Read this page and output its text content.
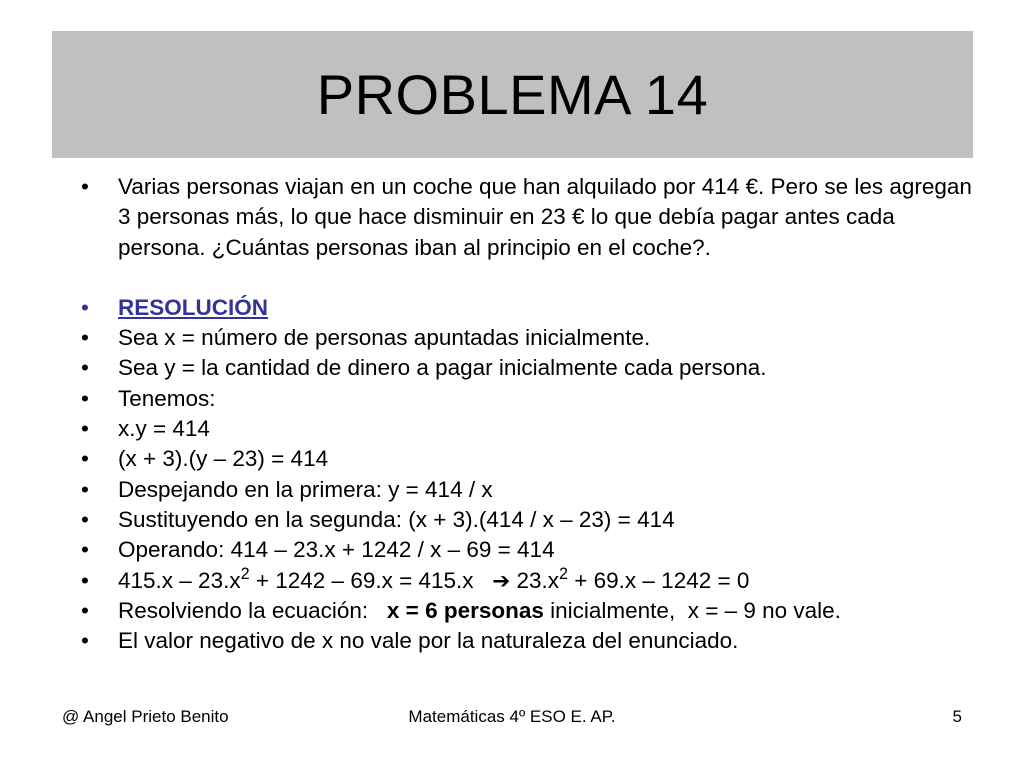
PROBLEMA 14
• Varias personas viajan en un coche que han alquilado por 414 €. Pero se les agregan 3 personas más, lo que hace disminuir en 23 € lo que debía pagar antes cada persona. ¿Cuántas personas iban al principio en el coche?.
• RESOLUCIÓN
• Sea x = número de personas apuntadas inicialmente.
• Sea y = la cantidad de dinero a pagar inicialmente cada persona.
• Tenemos:
• x.y = 414
• (x + 3).(y – 23) = 414
• Despejando en la primera: y = 414 / x
• Sustituyendo en la segunda: (x + 3).(414 / x – 23) = 414
• Operando: 414 – 23.x + 1242 / x – 69 = 414
• $415.x - 23.x^2 + 1242 - 69.x = 415.x$   ➔ $23.x^2 + 69.x - 1242 = 0$
• Resolviendo la ecuación:   x = 6 personas inicialmente,  x = – 9 no vale.
• El valor negativo de x no vale por la naturaleza del enunciado.
@ Angel Prieto Benito	Matemáticas 4º ESO E. AP.	5
